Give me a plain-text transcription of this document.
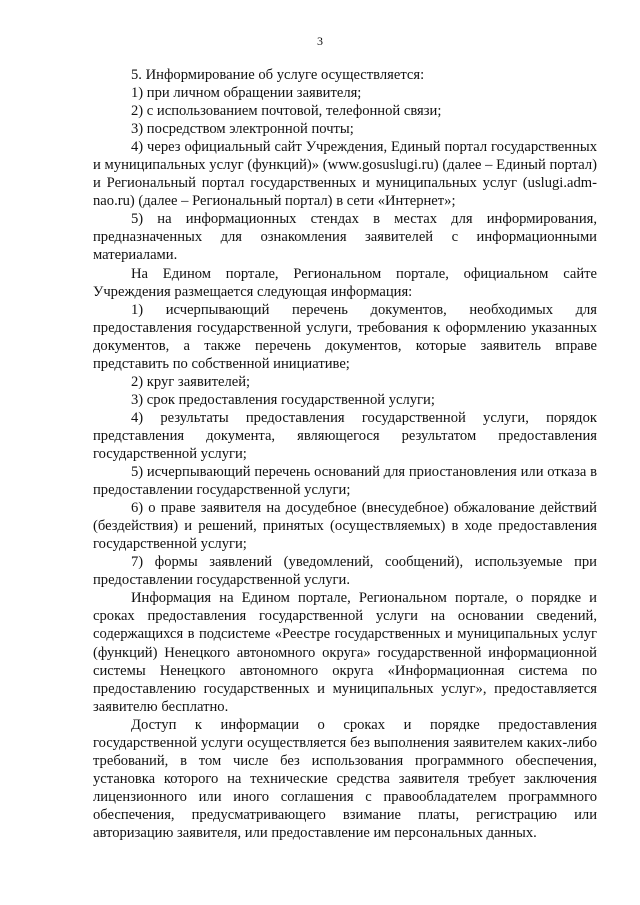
3

5. Информирование об услуге осуществляется:

1) при личном обращении заявителя;

2) с использованием почтовой, телефонной связи;

3) посредством электронной почты;

4) через официальный сайт Учреждения, Единый портал государственных и муниципальных услуг (функций)» (www.gosuslugi.ru) (далее – Единый портал) и Региональный портал государственных и муниципальных услуг (uslugi.adm-nao.ru) (далее – Региональный портал) в сети «Интернет»;

5) на информационных стендах в местах для информирования, предназначенных для ознакомления заявителей с информационными материалами.

На Едином портале, Региональном портале, официальном сайте Учреждения размещается следующая информация:

1) исчерпывающий перечень документов, необходимых для предоставления государственной услуги, требования к оформлению указанных документов, а также перечень документов, которые заявитель вправе представить по собственной инициативе;

2) круг заявителей;

3) срок предоставления государственной услуги;

4) результаты предоставления государственной услуги, порядок представления документа, являющегося результатом предоставления государственной услуги;

5) исчерпывающий перечень оснований для приостановления или отказа в предоставлении государственной услуги;

6) о праве заявителя на досудебное (внесудебное) обжалование действий (бездействия) и решений, принятых (осуществляемых) в ходе предоставления государственной услуги;

7) формы заявлений (уведомлений, сообщений), используемые при предоставлении государственной услуги.

Информация на Едином портале, Региональном портале, о порядке и сроках предоставления государственной услуги на основании сведений, содержащихся в подсистеме «Реестре государственных и муниципальных услуг (функций) Ненецкого автономного округа» государственной информационной системы Ненецкого автономного округа «Информационная система по предоставлению государственных и муниципальных услуг», предоставляется заявителю бесплатно.

Доступ к информации о сроках и порядке предоставления государственной услуги осуществляется без выполнения заявителем каких-либо требований, в том числе без использования программного обеспечения, установка которого на технические средства заявителя требует заключения лицензионного или иного соглашения с правообладателем программного обеспечения, предусматривающего взимание платы, регистрацию или авторизацию заявителя, или предоставление им персональных данных.
